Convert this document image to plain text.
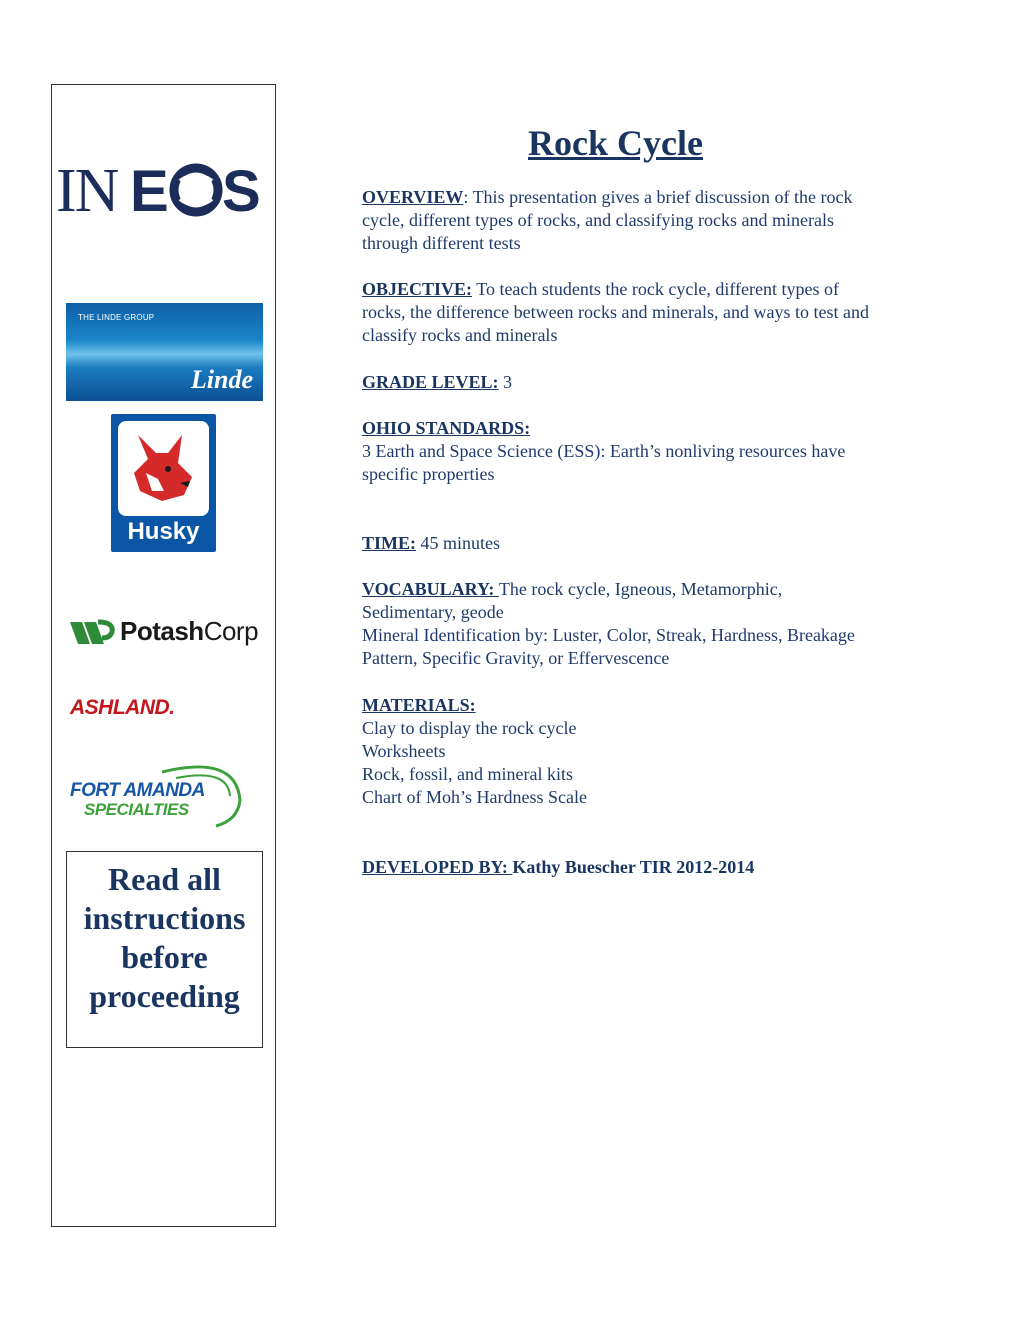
IN E S
THE LINDE GROUP
Linde
Husky
PotashCorp
ASHLAND.
FORT AMANDA
SPECIALTIES
Read all
instructions
before
proceeding
Rock Cycle
OVERVIEW: This presentation gives a brief discussion of the rock cycle, different types of rocks, and classifying rocks and minerals through different tests
OBJECTIVE: To teach students the rock cycle, different types of rocks, the difference between rocks and minerals, and ways to test and classify rocks and minerals
GRADE LEVEL: 3
OHIO STANDARDS:
3 Earth and Space Science (ESS): Earth’s nonliving resources have specific properties
TIME: 45 minutes
VOCABULARY: The rock cycle, Igneous, Metamorphic, Sedimentary, geode
Mineral Identification by: Luster, Color, Streak, Hardness, Breakage Pattern, Specific Gravity, or Effervescence
MATERIALS:
Clay to display the rock cycle
Worksheets
Rock, fossil, and mineral kits
Chart of Moh’s Hardness Scale
DEVELOPED BY: Kathy Buescher TIR 2012-2014
